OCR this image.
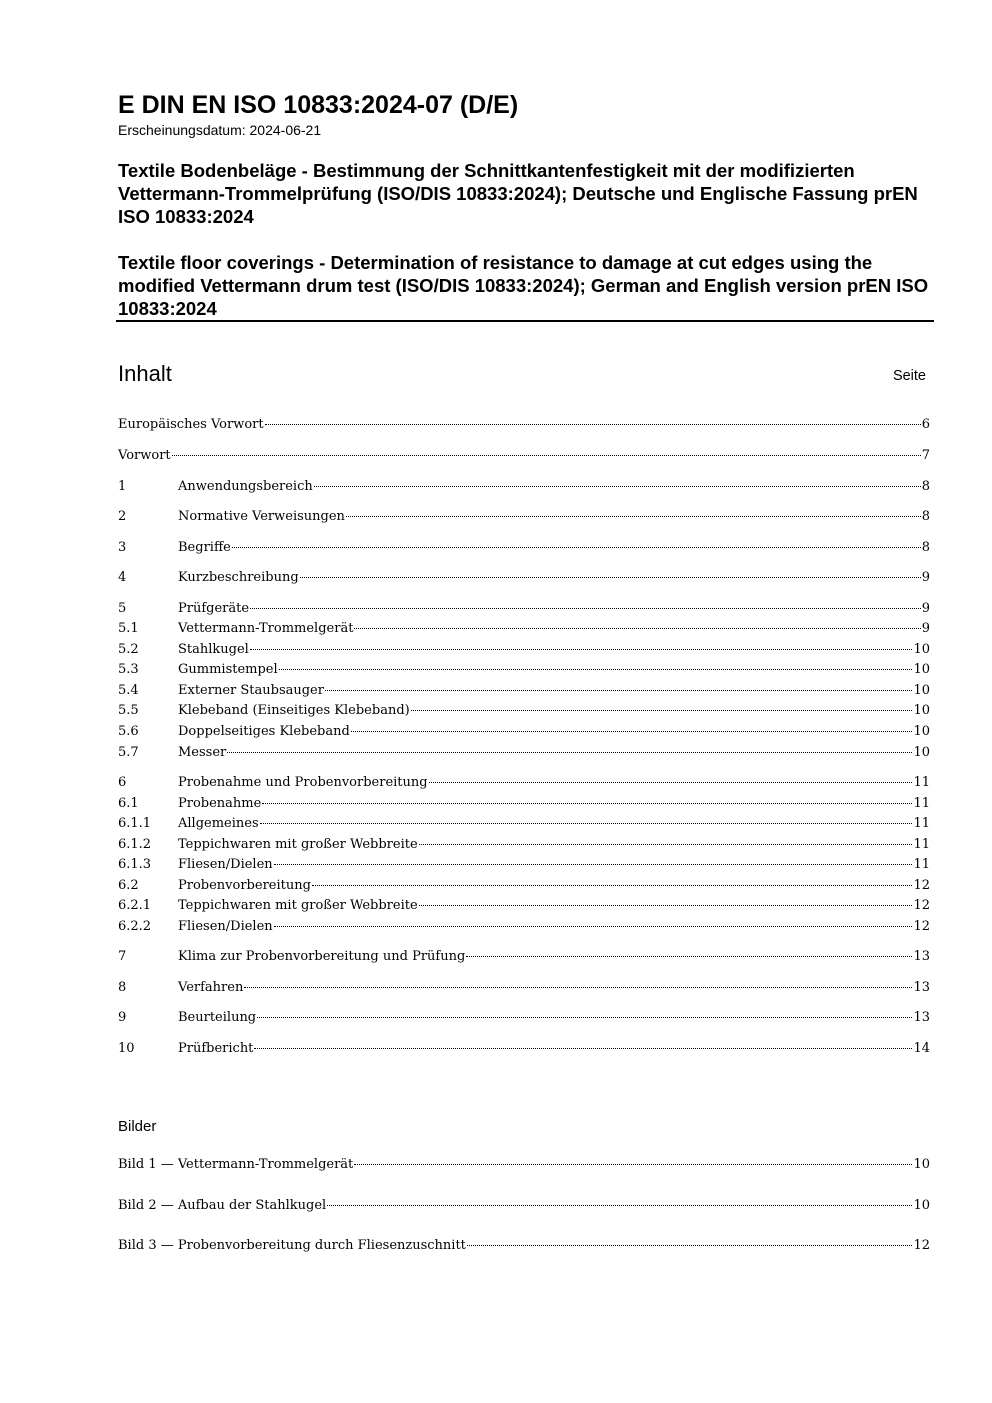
E DIN EN ISO 10833:2024-07 (D/E)
Erscheinungsdatum: 2024-06-21
Textile Bodenbeläge - Bestimmung der Schnittkantenfestigkeit mit der modifizierten Vettermann-Trommelprüfung (ISO/DIS 10833:2024); Deutsche und Englische Fassung prEN ISO 10833:2024
Textile floor coverings - Determination of resistance to damage at cut edges using the modified Vettermann drum test (ISO/DIS 10833:2024); German and English version prEN ISO 10833:2024
Inhalt	Seite
Europäisches Vorwort	6
Vorwort	7
1	Anwendungsbereich	8
2	Normative Verweisungen	8
3	Begriffe	8
4	Kurzbeschreibung	9
5	Prüfgeräte	9
5.1	Vettermann-Trommelgerät	9
5.2	Stahlkugel	10
5.3	Gummistempel	10
5.4	Externer Staubsauger	10
5.5	Klebeband (Einseitiges Klebeband)	10
5.6	Doppelseitiges Klebeband	10
5.7	Messer	10
6	Probenahme und Probenvorbereitung	11
6.1	Probenahme	11
6.1.1	Allgemeines	11
6.1.2	Teppichwaren mit großer Webbreite	11
6.1.3	Fliesen/Dielen	11
6.2	Probenvorbereitung	12
6.2.1	Teppichwaren mit großer Webbreite	12
6.2.2	Fliesen/Dielen	12
7	Klima zur Probenvorbereitung und Prüfung	13
8	Verfahren	13
9	Beurteilung	13
10	Prüfbericht	14
Bilder
Bild 1 — Vettermann-Trommelgerät	10
Bild 2 — Aufbau der Stahlkugel	10
Bild 3 — Probenvorbereitung durch Fliesenzuschnitt	12
